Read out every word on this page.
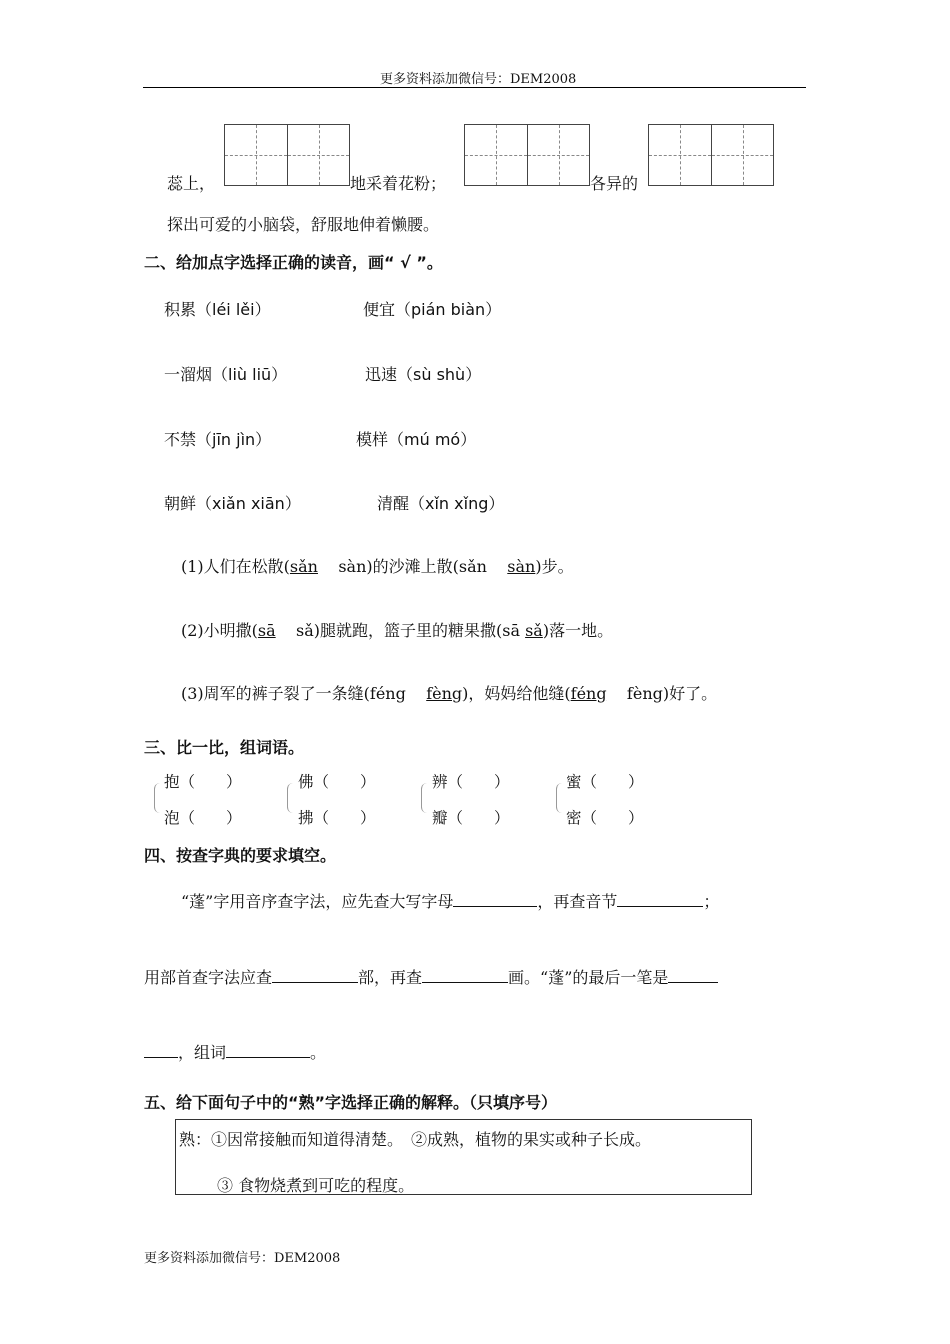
更多资料添加微信号：DEM2008
蕊上，	地采着花粉；	各异的
探出可爱的小脑袋，舒服地伸着懒腰。
二、给加点字选择正确的读音，画“ √ ”。
积累（léi lěi）	便宜（pián biàn）
一溜烟（liù liū）	迅速（sù shù）
不禁（jīn jìn）	模样（mú mó）
朝鲜（xiǎn xiān）	清醒（xǐn xǐng）
(1)人们在松散(sǎn sàn)的沙滩上散(sǎn sàn)步。
(2)小明撒(sā sǎ)腿就跑，篮子里的糖果撒(sā sǎ)落一地。
(3)周军的裤子裂了一条缝(féng fèng)，妈妈给他缝(féng fèng)好了。
三、比一比，组词语。
抱（　　）
泡（　　）
佛（　　）
拂（　　）
辨（　　）
瓣（　　）
蜜（　　）
密（　　）
四、按查字典的要求填空。
“蓬”字用音序查字法，应先查大写字母	，再查音节	；
用部首查字法应查	部，再查	画。“蓬”的最后一笔是
，组词	。
五、给下面句子中的“熟”字选择正确的解释。（只填序号）
熟：①因常接触而知道得清楚。　②成熟，植物的果实或种子长成。
③ 食物烧煮到可吃的程度。
更多资料添加微信号：DEM2008
